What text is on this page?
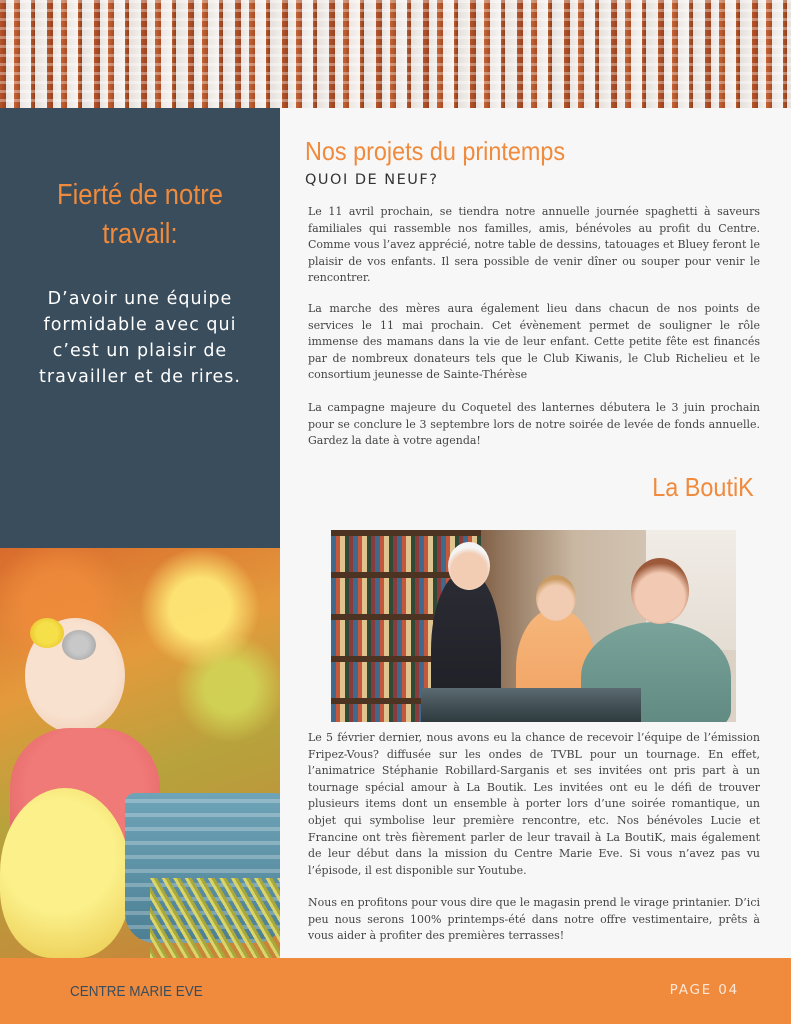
Fierté de notre travail:
D’avoir une équipe formidable avec qui c’est un plaisir de travailler et de rires.
Nos projets du printemps
QUOI DE NEUF?

Le 11 avril prochain, se tiendra notre annuelle journée spaghetti à saveurs familiales qui rassemble nos familles, amis, bénévoles au profit du Centre. Comme vous l’avez apprécié, notre table de dessins, tatouages et Bluey feront le plaisir de vos enfants. Il sera possible de venir dîner ou souper pour venir le rencontrer.

La marche des mères aura également lieu dans chacun de nos points de services le 11 mai prochain. Cet évènement permet de souligner le rôle immense des mamans dans la vie de leur enfant. Cette petite fête est financés par de nombreux donateurs tels que le Club Kiwanis, le Club Richelieu et le consortium jeunesse de Sainte-Thérèse

La campagne majeure du Coquetel des lanternes débutera le 3 juin prochain pour se conclure le 3 septembre lors de notre soirée de levée de fonds annuelle. Gardez la date à votre agenda!

La BoutiK

Le 5 février dernier, nous avons eu la chance de recevoir l’équipe de l’émission Fripez-Vous? diffusée sur les ondes de TVBL pour un tournage. En effet, l’animatrice Stéphanie Robillard-Sarganis et ses invitées ont pris part à un tournage spécial amour à La Boutik. Les invitées ont eu le défi de trouver plusieurs items dont un ensemble à porter lors d’une soirée romantique, un objet qui symbolise leur première rencontre, etc. Nos bénévoles Lucie et Francine ont très fièrement parler de leur travail à La BoutiK, mais également de leur début dans la mission du Centre Marie Eve. Si vous n’avez pas vu l’épisode, il est disponible sur Youtube.

Nous en profitons pour vous dire que le magasin prend le virage printanier. D’ici peu nous serons 100% printemps-été dans notre offre vestimentaire, prêts à vous aider à profiter des premières terrasses!

CENTRE MARIE EVE	PAGE 04
